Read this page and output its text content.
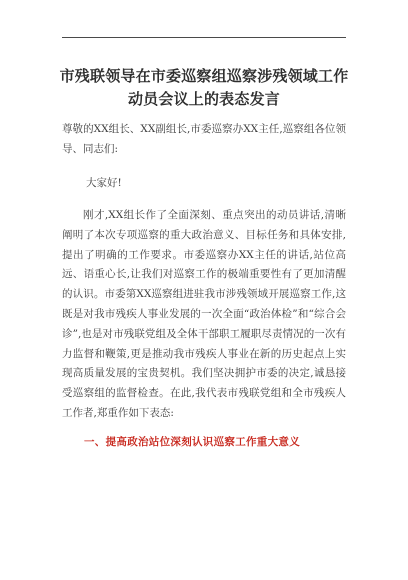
市残联领导在市委巡察组巡察涉残领域工作
动员会议上的表态发言
尊敬的XX组长、XX副组长,市委巡察办XX主任,巡察组各位领导、同志们:
大家好!
刚才,XX组长作了全面深刻、重点突出的动员讲话,清晰阐明了本次专项巡察的重大政治意义、目标任务和具体安排,提出了明确的工作要求。市委巡察办XX主任的讲话,站位高远、语重心长,让我们对巡察工作的极端重要性有了更加清醒的认识。市委第XX巡察组进驻我市涉残领域开展巡察工作,这既是对我市残疾人事业发展的一次全面“政治体检”和“综合会诊”,也是对市残联党组及全体干部职工履职尽责情况的一次有力监督和鞭策,更是推动我市残疾人事业在新的历史起点上实现高质量发展的宝贵契机。我们坚决拥护市委的决定,诚恳接受巡察组的监督检查。在此,我代表市残联党组和全市残疾人工作者,郑重作如下表态:
一、提高政治站位深刻认识巡察工作重大意义
